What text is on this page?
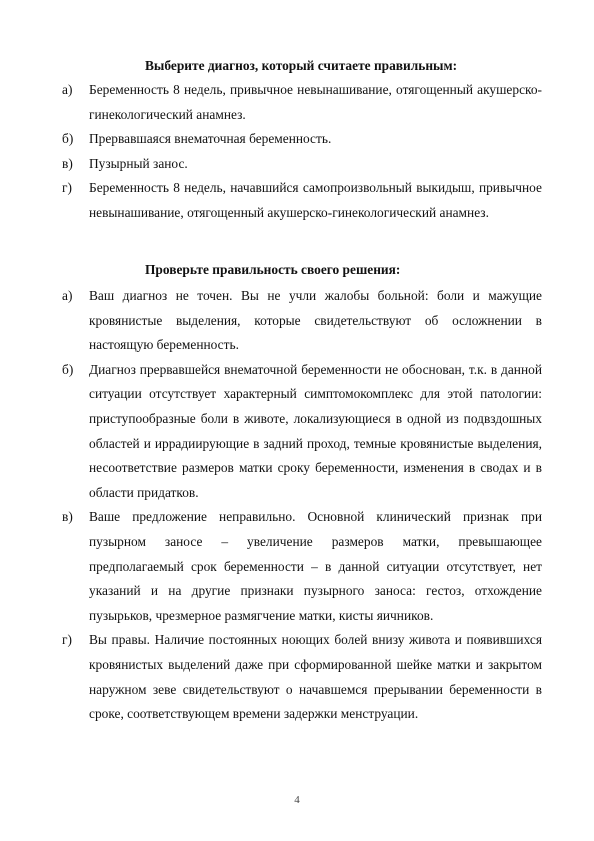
Выберите диагноз, который считаете правильным:
а) Беременность 8 недель, привычное невынашивание, отягощенный акушерско-гинекологический анамнез.
б) Прервавшаяся внематочная беременность.
в) Пузырный занос.
г) Беременность 8 недель, начавшийся самопроизвольный выкидыш, привычное невынашивание, отягощенный акушерско-гинекологический анамнез.
Проверьте правильность своего решения:
а) Ваш диагноз не точен. Вы не учли жалобы больной: боли и мажущие кровянистые выделения, которые свидетельствуют об осложнении в настоящую беременность.
б) Диагноз прервавшейся внематочной беременности не обоснован, т.к. в данной ситуации отсутствует характерный симптомокомплекс для этой патологии: приступообразные боли в животе, локализующиеся в одной из подвздошных областей и иррадиирующие в задний проход, темные кровянистые выделения, несоответствие размеров матки сроку беременности, изменения в сводах и в области придатков.
в) Ваше предложение неправильно. Основной клинический признак при пузырном заносе – увеличение размеров матки, превышающее предполагаемый срок беременности – в данной ситуации отсутствует, нет указаний и на другие признаки пузырного заноса: гестоз, отхождение пузырьков, чрезмерное размягчение матки, кисты яичников.
г) Вы правы. Наличие постоянных ноющих болей внизу живота и появившихся кровянистых выделений даже при сформированной шейке матки и закрытом наружном зеве свидетельствуют о начавшемся прерывании беременности в сроке, соответствующем времени задержки менструации.
4
